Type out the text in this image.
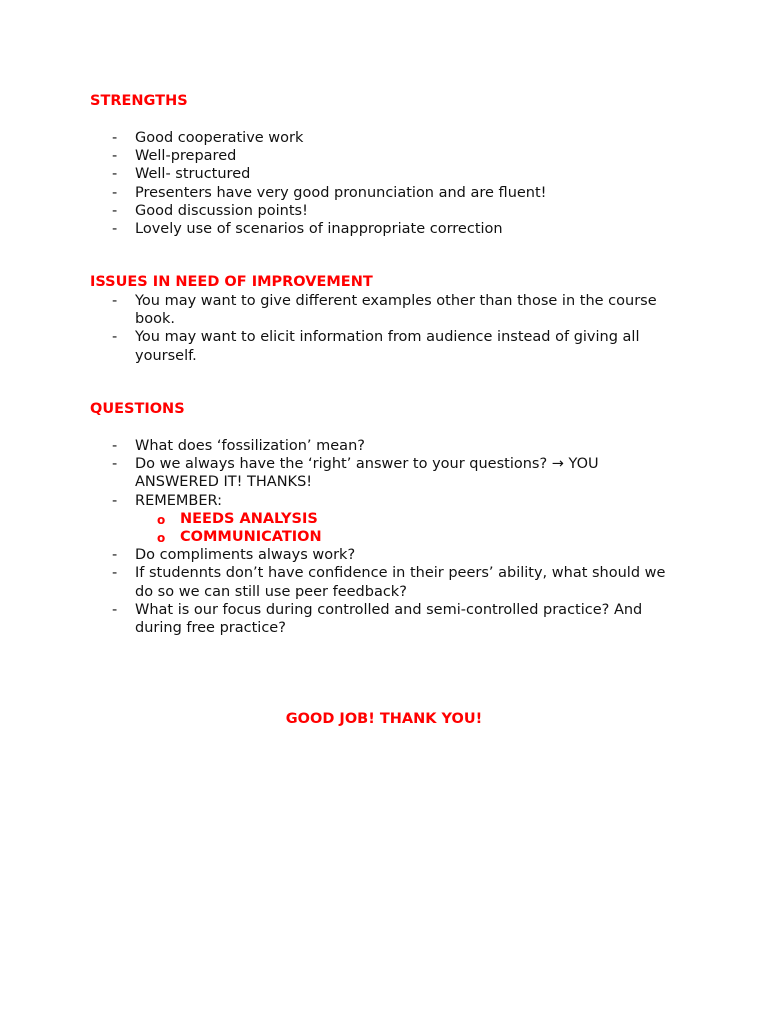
STRENGTHS
- Good cooperative work
- Well-prepared
- Well- structured
- Presenters have very good pronunciation and are fluent!
- Good discussion points!
- Lovely use of scenarios of inappropriate correction
ISSUES IN NEED OF IMPROVEMENT
- You may want to give different examples other than those in the course book.
- You may want to elicit information from audience instead of giving all yourself.
QUESTIONS
- What does ‘fossilization’ mean?
- Do we always have the ‘right’ answer to your questions? → YOU ANSWERED IT! THANKS!
- REMEMBER:
o NEEDS ANALYSIS
o COMMUNICATION
- Do compliments always work?
- If studennts don’t have confidence in their peers’ ability, what should we do so we can still use peer feedback?
- What is our focus during controlled and semi-controlled practice? And during free practice?
GOOD JOB! THANK YOU!
